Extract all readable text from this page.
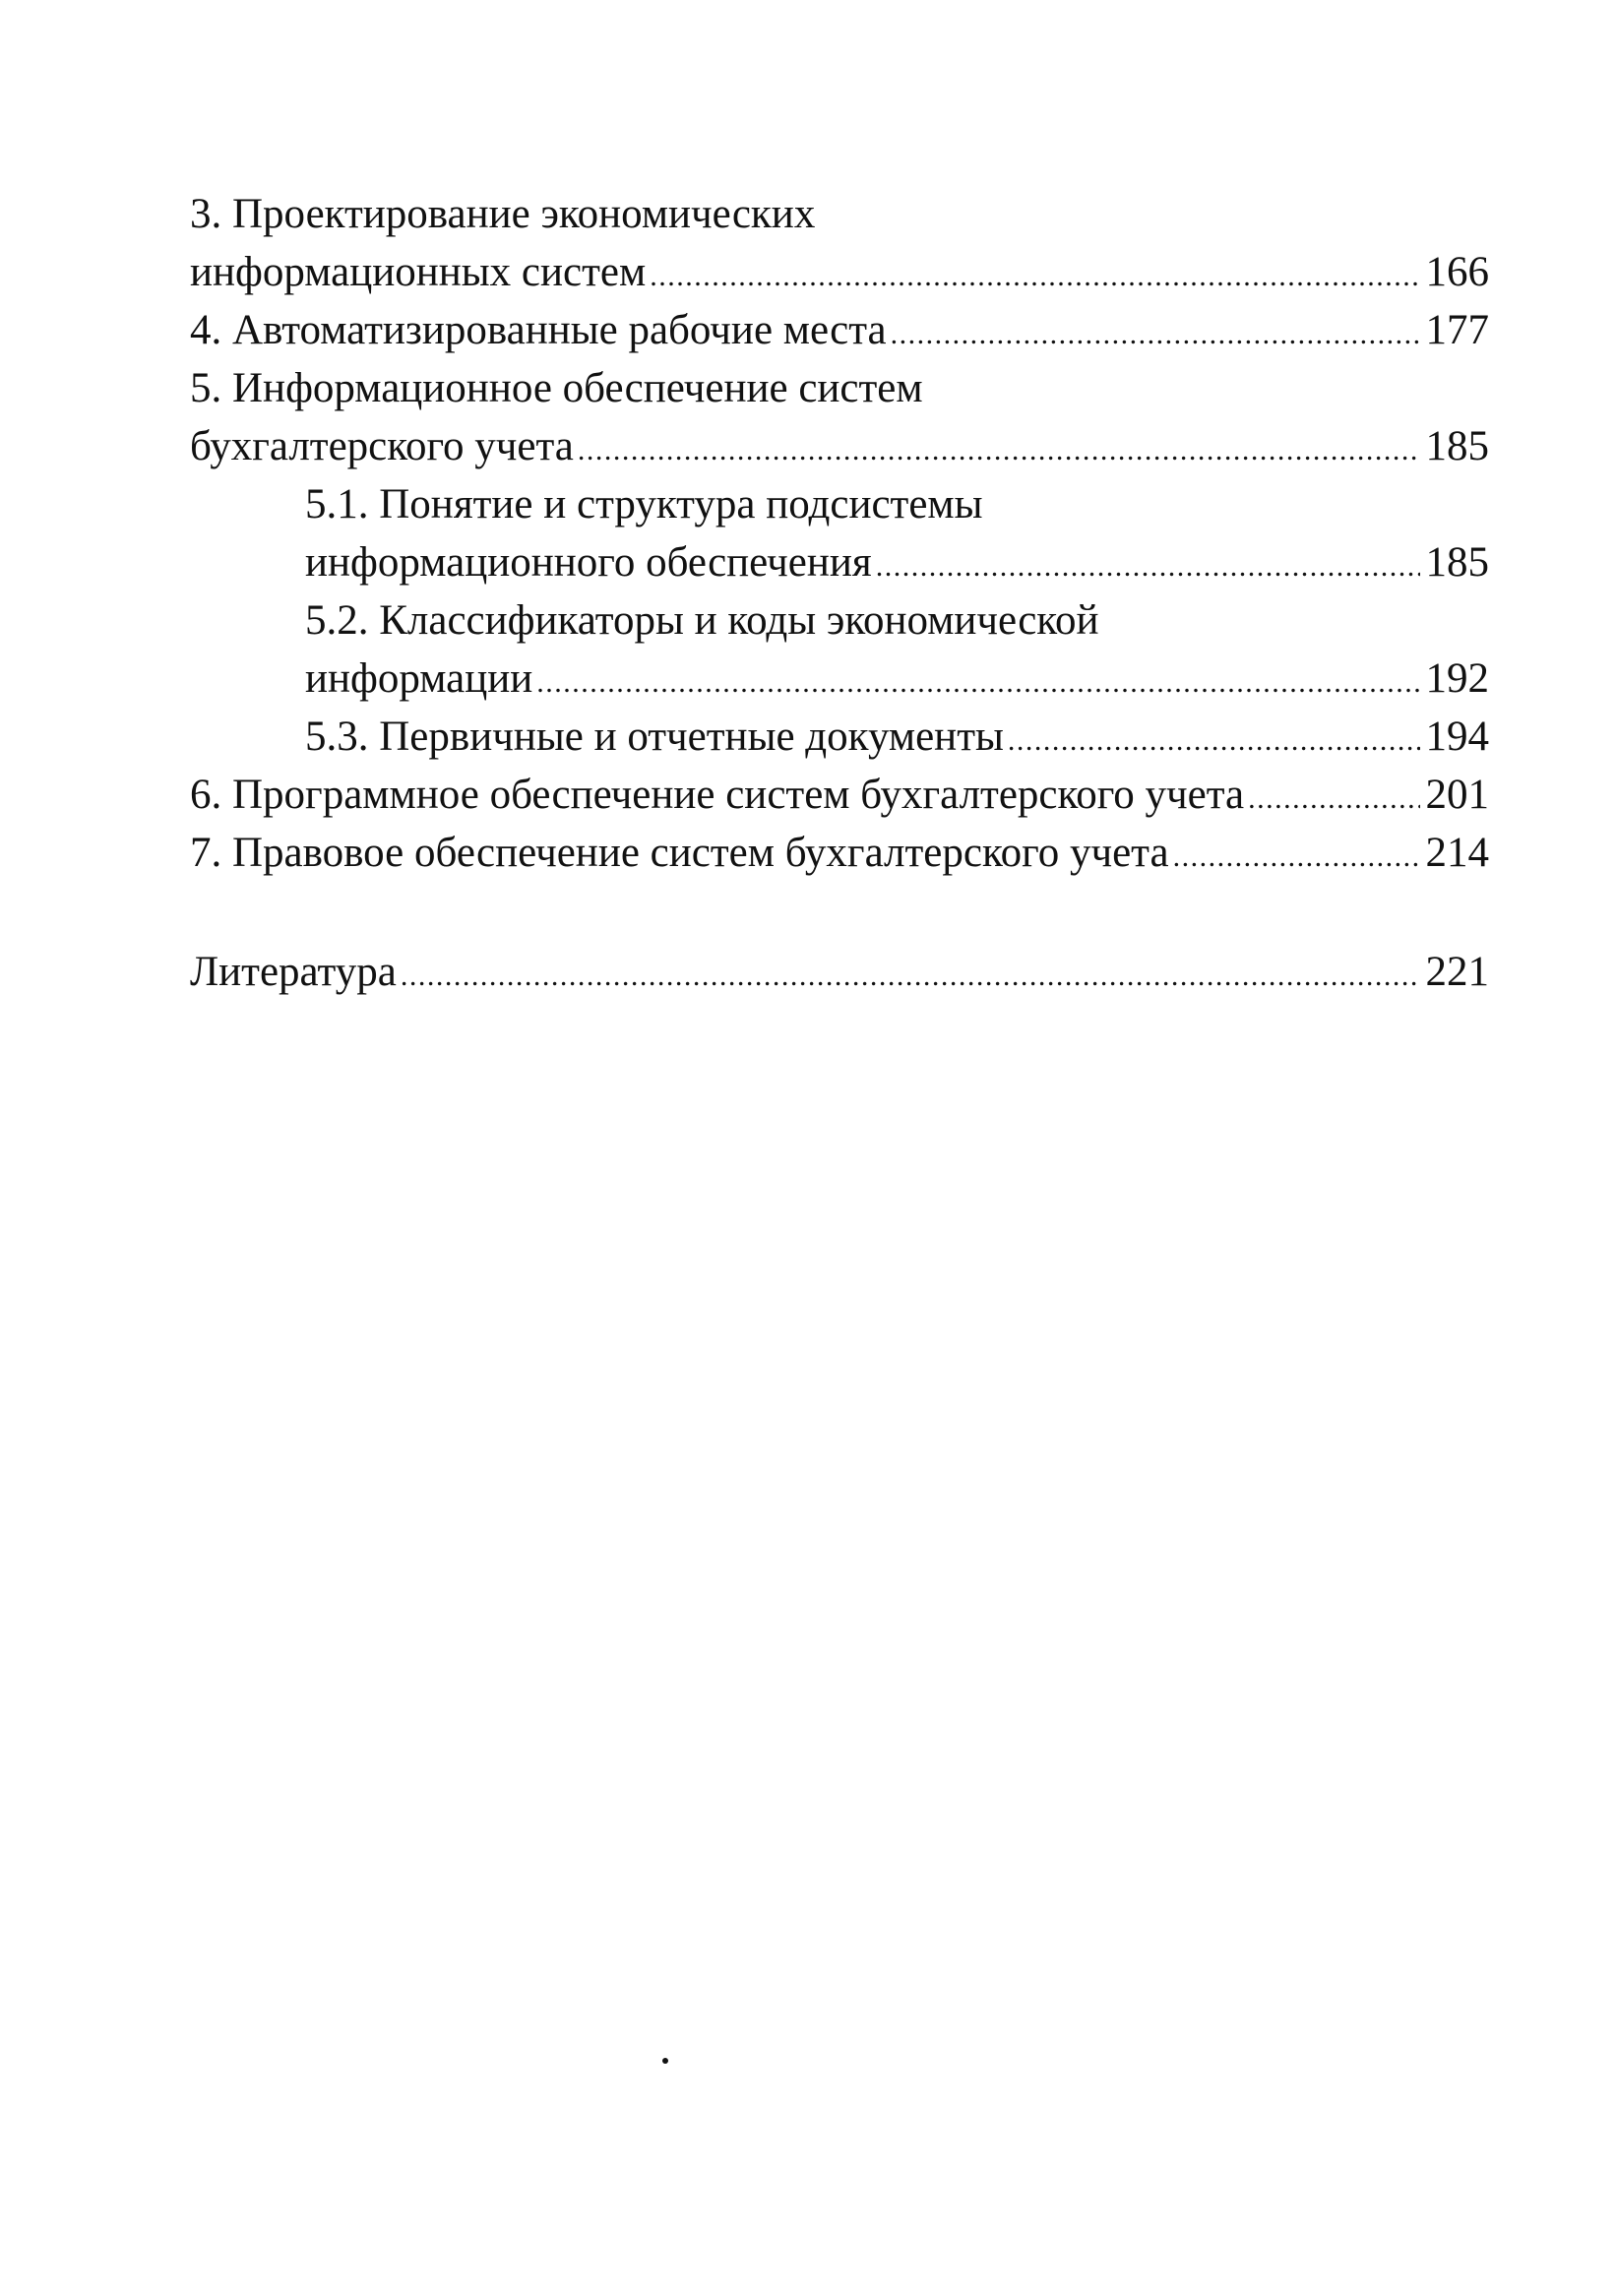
3. Проектирование экономических
информационных систем . . .	166
4. Автоматизированные рабочие места . . .	177
5. Информационное обеспечение систем
бухгалтерского учета . . .	185
5.1. Понятие и структура подсистемы
информационного обеспечения . . .	185
5.2. Классификаторы и коды экономической
информации . . .	192
5.3. Первичные и отчетные документы . . .	194
6. Программное обеспечение систем бухгалтерского учета . . .	201
7. Правовое обеспечение систем бухгалтерского учета . . .	214
Литература . . .	221
